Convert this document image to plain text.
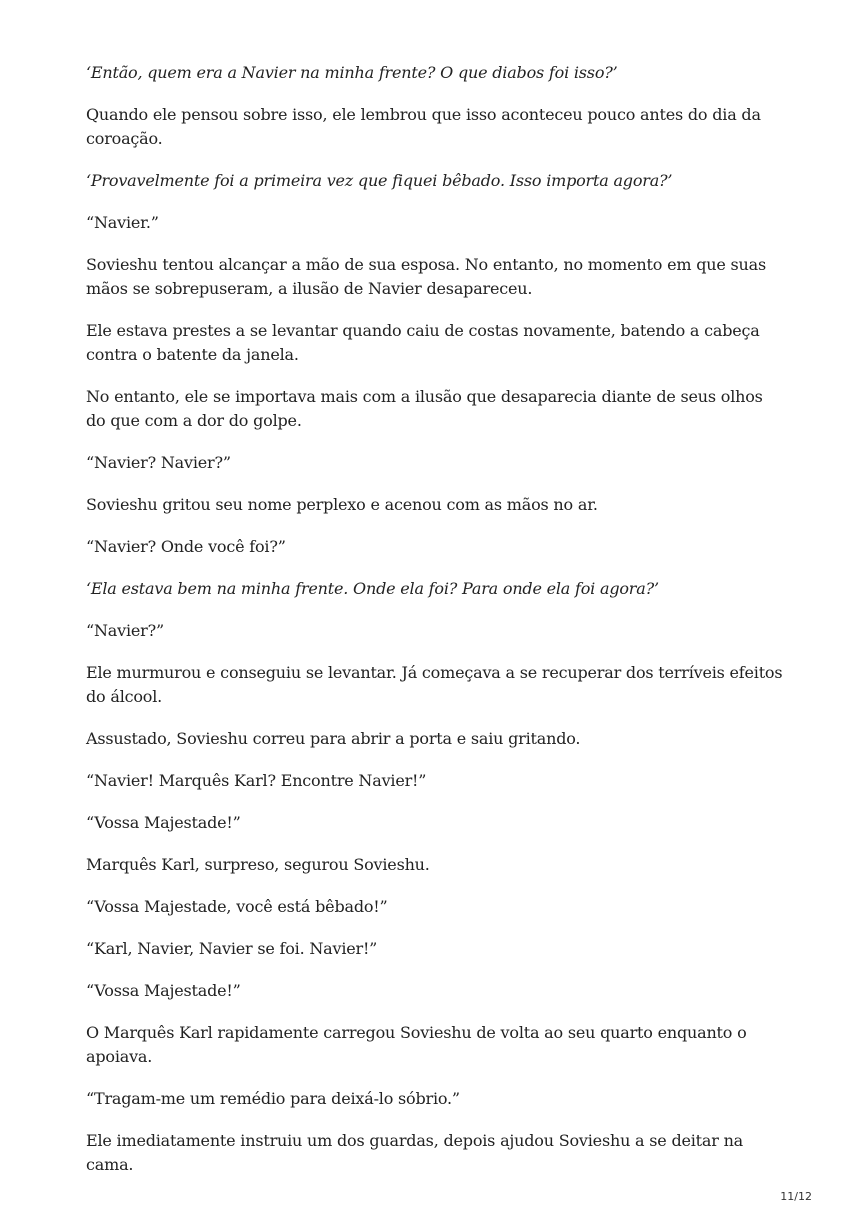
‘Então, quem era a Navier na minha frente? O que diabos foi isso?’

Quando ele pensou sobre isso, ele lembrou que isso aconteceu pouco antes do dia da coroação.

‘Provavelmente foi a primeira vez que fiquei bêbado. Isso importa agora?’

“Navier.”

Sovieshu tentou alcançar a mão de sua esposa. No entanto, no momento em que suas mãos se sobrepuseram, a ilusão de Navier desapareceu.

Ele estava prestes a se levantar quando caiu de costas novamente, batendo a cabeça contra o batente da janela.

No entanto, ele se importava mais com a ilusão que desaparecia diante de seus olhos do que com a dor do golpe.

“Navier? Navier?”

Sovieshu gritou seu nome perplexo e acenou com as mãos no ar.

“Navier? Onde você foi?”

‘Ela estava bem na minha frente. Onde ela foi? Para onde ela foi agora?’

“Navier?”

Ele murmurou e conseguiu se levantar. Já começava a se recuperar dos terríveis efeitos do álcool.

Assustado, Sovieshu correu para abrir a porta e saiu gritando.

“Navier! Marquês Karl? Encontre Navier!”

“Vossa Majestade!”

Marquês Karl, surpreso, segurou Sovieshu.

“Vossa Majestade, você está bêbado!”

“Karl, Navier, Navier se foi. Navier!”

“Vossa Majestade!”

O Marquês Karl rapidamente carregou Sovieshu de volta ao seu quarto enquanto o apoiava.

“Tragam-me um remédio para deixá-lo sóbrio.”

Ele imediatamente instruiu um dos guardas, depois ajudou Sovieshu a se deitar na cama.

11/12
